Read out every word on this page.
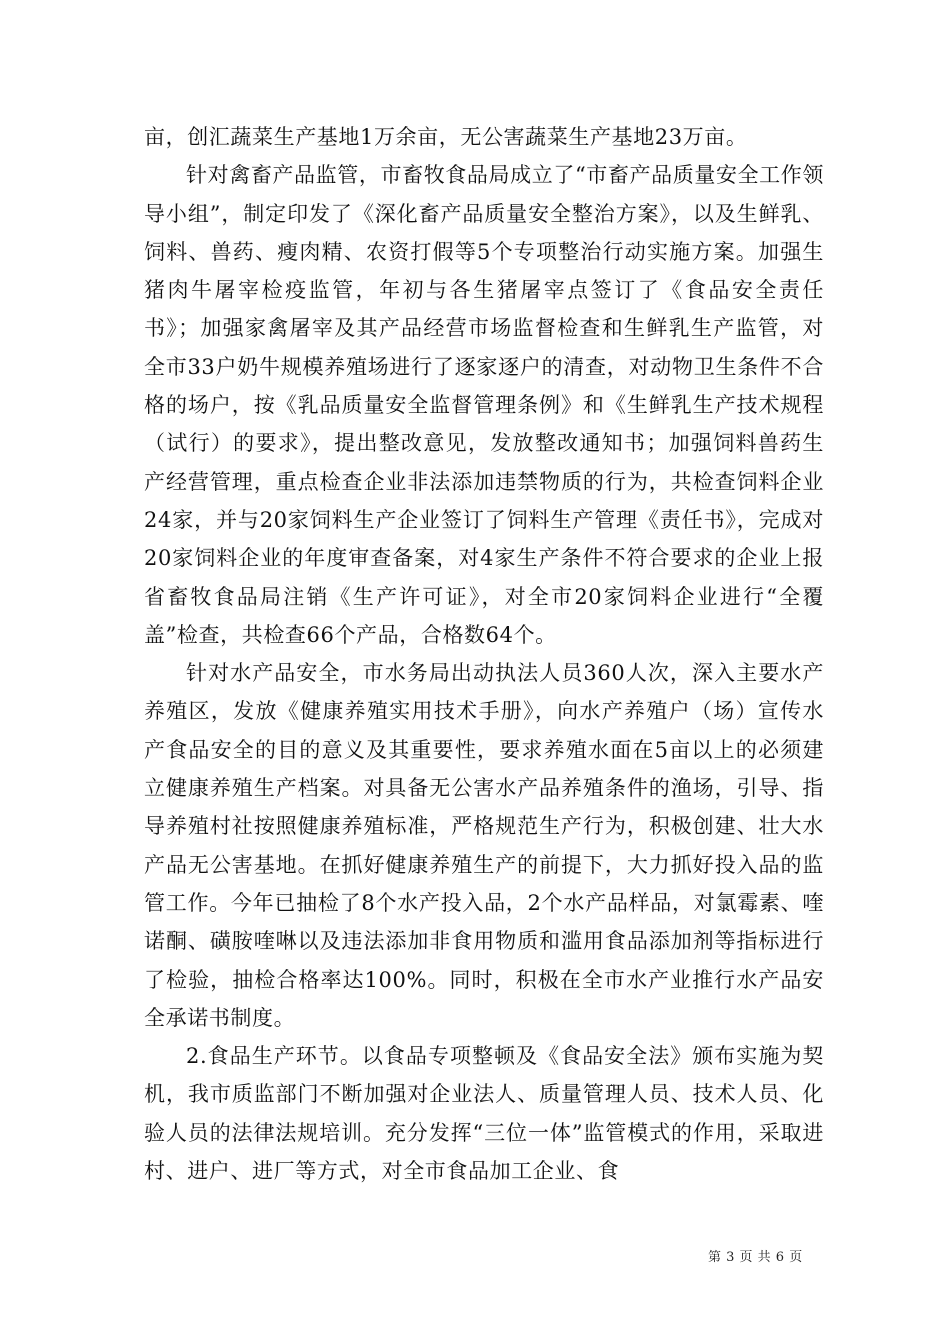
亩，创汇蔬菜生产基地1万余亩，无公害蔬菜生产基地23万亩。

针对禽畜产品监管，市畜牧食品局成立了“市畜产品质量安全工作领导小组”，制定印发了《深化畜产品质量安全整治方案》，以及生鲜乳、饲料、兽药、瘦肉精、农资打假等5个专项整治行动实施方案。加强生猪肉牛屠宰检疫监管，年初与各生猪屠宰点签订了《食品安全责任书》；加强家禽屠宰及其产品经营市场监督检查和生鲜乳生产监管，对全市33户奶牛规模养殖场进行了逐家逐户的清查，对动物卫生条件不合格的场户，按《乳品质量安全监督管理条例》和《生鲜乳生产技术规程（试行）的要求》，提出整改意见，发放整改通知书；加强饲料兽药生产经营管理，重点检查企业非法添加违禁物质的行为，共检查饲料企业24家，并与20家饲料生产企业签订了饲料生产管理《责任书》，完成对20家饲料企业的年度审查备案，对4家生产条件不符合要求的企业上报省畜牧食品局注销《生产许可证》，对全市20家饲料企业进行“全覆盖”检查，共检查66个产品，合格数64个。

针对水产品安全，市水务局出动执法人员360人次，深入主要水产养殖区，发放《健康养殖实用技术手册》，向水产养殖户（场）宣传水产食品安全的目的意义及其重要性，要求养殖水面在5亩以上的必须建立健康养殖生产档案。对具备无公害水产品养殖条件的渔场，引导、指导养殖村社按照健康养殖标准，严格规范生产行为，积极创建、壮大水产品无公害基地。在抓好健康养殖生产的前提下，大力抓好投入品的监管工作。今年已抽检了8个水产投入品，2个水产品样品，对氯霉素、喹诺酮、磺胺喹啉以及违法添加非食用物质和滥用食品添加剂等指标进行了检验，抽检合格率达100%。同时，积极在全市水产业推行水产品安全承诺书制度。

2.食品生产环节。以食品专项整顿及《食品安全法》颁布实施为契机，我市质监部门不断加强对企业法人、质量管理人员、技术人员、化验人员的法律法规培训。充分发挥“三位一体”监管模式的作用，采取进村、进户、进厂等方式，对全市食品加工企业、食

第 3 页 共 6 页
